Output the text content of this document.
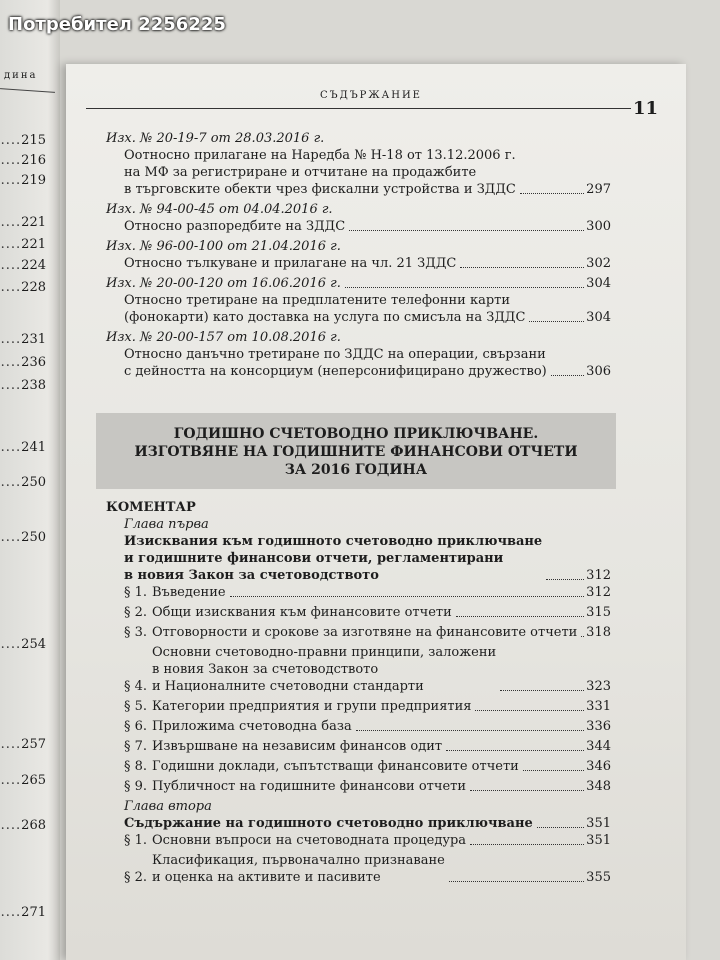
Потребител 2256225
дина
..... 215
..... 216
..... 219
..... 221
..... 221
..... 224
..... 228
..... 231
..... 236
..... 238
..... 241
..... 250
..... 250
..... 254
..... 257
..... 265
..... 268
..... 271
СЪДЪРЖАНИЕ
11
Изх. № 20-19-7 от 28.03.2016 г.
Оотносно прилагане на Наредба № Н-18 от 13.12.2006 г.
на МФ за регистриране и отчитане на продажбите
в търговските обекти чрез фискални устройства и ЗДДС	297
Изх. № 94-00-45 от 04.04.2016 г.
Относно разпоредбите на ЗДДС	300
Изх. № 96-00-100 от 21.04.2016 г.
Относно тълкуване и прилагане на чл. 21 ЗДДС	302
Изх. № 20-00-120 от 16.06.2016 г.	304
Относно третиране на предплатените телефонни карти
(фонокарти) като доставка на услуга по смисъла на ЗДДС	304
Изх. № 20-00-157 от 10.08.2016 г.
Относно данъчно третиране по ЗДДС на операции, свързани
с дейността на консорциум (неперсонифицирано дружество)	306
ГОДИШНО СЧЕТОВОДНО ПРИКЛЮЧВАНЕ.
ИЗГОТВЯНЕ НА ГОДИШНИТЕ ФИНАНСОВИ ОТЧЕТИ
ЗА 2016 ГОДИНА
КОМЕНТАР
Глава първа
Изисквания към годишното счетоводно приключване
и годишните финансови отчети, регламентирани
в новия Закон за счетоводството	312
§ 1. Въведение	312
§ 2. Общи изисквания към финансовите отчети	315
§ 3. Отговорности и срокове за изготвяне на финансовите отчети 318
§ 4.
Основни счетоводно-правни принципи, заложени
в новия Закон за счетоводството
и Националните счетоводни стандарти	323
§ 5. Категории предприятия и групи предприятия	331
§ 6. Приложима счетоводна база	336
§ 7. Извършване на независим финансов одит	344
§ 8. Годишни доклади, съпътстващи финансовите отчети	346
§ 9. Публичност на годишните финансови отчети	348
Глава втора
Съдържание на годишното счетоводно приключване	351
§ 1. Основни въпроси на счетоводната процедура	351
§ 2.
Класификация, първоначално признаване
и оценка на активите и пасивите	355
